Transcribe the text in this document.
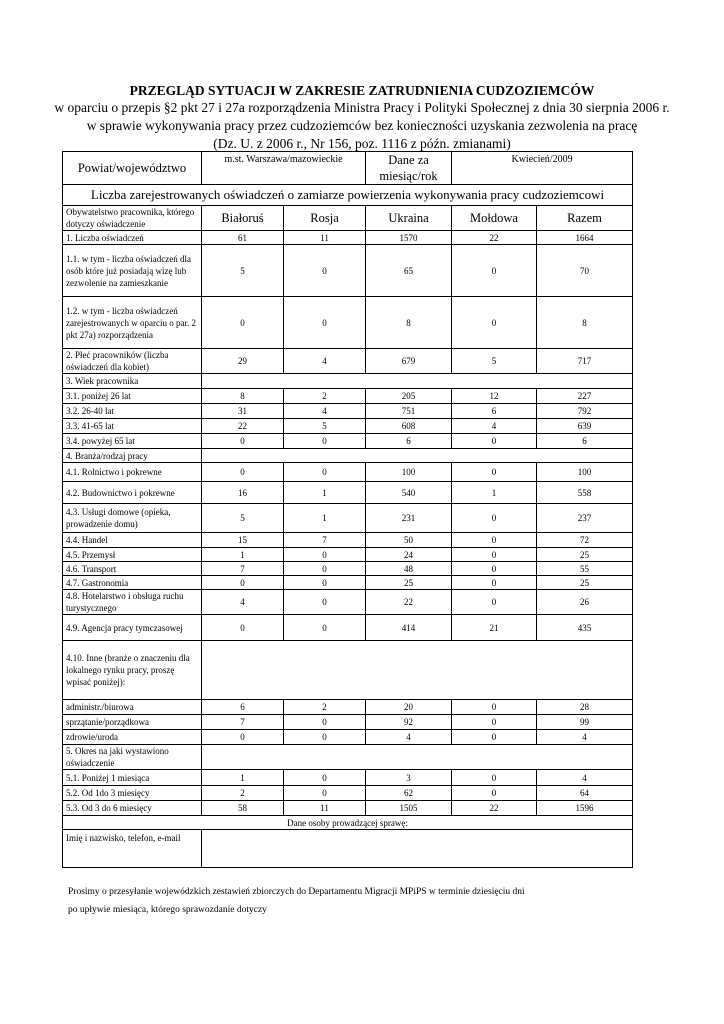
PRZEGLĄD SYTUACJI W ZAKRESIE ZATRUDNIENIA CUDZOZIEMCÓW
w oparciu o przepis §2 pkt 27 i 27a rozporządzenia Ministra Pracy i Polityki Społecznej z dnia 30 sierpnia 2006 r.
w sprawie wykonywania pracy przez cudzoziemców bez konieczności uzyskania zezwolenia na pracę
(Dz. U. z 2006 r., Nr 156, poz. 1116 z późn. zmianami)
Powiat/województwo	m.st. Warszawa/mazowieckie		Dane za miesiąc/rok	Kwiecień/2009	
Liczba zarejestrowanych oświadczeń o zamiarze powierzenia wykonywania pracy cudzoziemcowi					
Obywatelstwo pracownika, którego dotyczy oświadczenie	Białoruś	Rosja	Ukraina	Mołdowa	Razem
1. Liczba oświadczeń	61	11	1570	22	1664
1.1. w tym - liczba oświadczeń dla osób które już posiadają wizę lub zezwolenie na zamieszkanie	5	0	65	0	70
1.2. w tym - liczba oświadczeń zarejestrowanych w oparciu o par. 2 pkt 27a) rozporządzenia	0	0	8	0	8
2. Płeć pracowników (liczba oświadczeń dla kobiet)	29	4	679	5	717
3. Wiek pracownika					
3.1. poniżej 26 lat	8	2	205	12	227
3.2. 26-40 lat	31	4	751	6	792
3.3. 41-65 lat	22	5	608	4	639
3.4. powyżej 65 lat	0	0	6	0	6
4. Branża/rodzaj pracy					
4.1. Rolnictwo i pokrewne	0	0	100	0	100
4.2. Budownictwo i pokrewne	16	1	540	1	558
4.3. Usługi domowe (opieka, prowadzenie domu)	5	1	231	0	237
4.4. Handel	15	7	50	0	72
4.5. Przemysł	1	0	24	0	25
4.6. Transport	7	0	48	0	55
4.7. Gastronomia	0	0	25	0	25
4.8. Hotelarstwo i obsługa ruchu turystycznego	4	0	22	0	26
4.9. Agencja pracy tymczasowej	0	0	414	21	435
4.10. Inne (branże o znaczeniu dla lokalnego rynku pracy, proszę wpisać poniżej):					
administr./biurowa	6	2	20	0	28
sprzątanie/porządkowa	7	0	92	0	99
zdrowie/uroda	0	0	4	0	4
5. Okres na jaki wystawiono oświadczenie					
5.1. Poniżej 1 miesiąca	1	0	3	0	4
5.2. Od 1do 3 miesięcy	2	0	62	0	64
5.3. Od 3 do 6 miesięcy	58	11	1505	22	1596
Dane osoby prowadzącej sprawę:					
Imię i nazwisko, telefon, e-mail					
Prosimy o przesyłanie wojewódzkich zestawień zbiorczych do Departamentu Migracji MPiPS w terminie dziesięciu dni
po upływie miesiąca, którego sprawozdanie dotyczy
